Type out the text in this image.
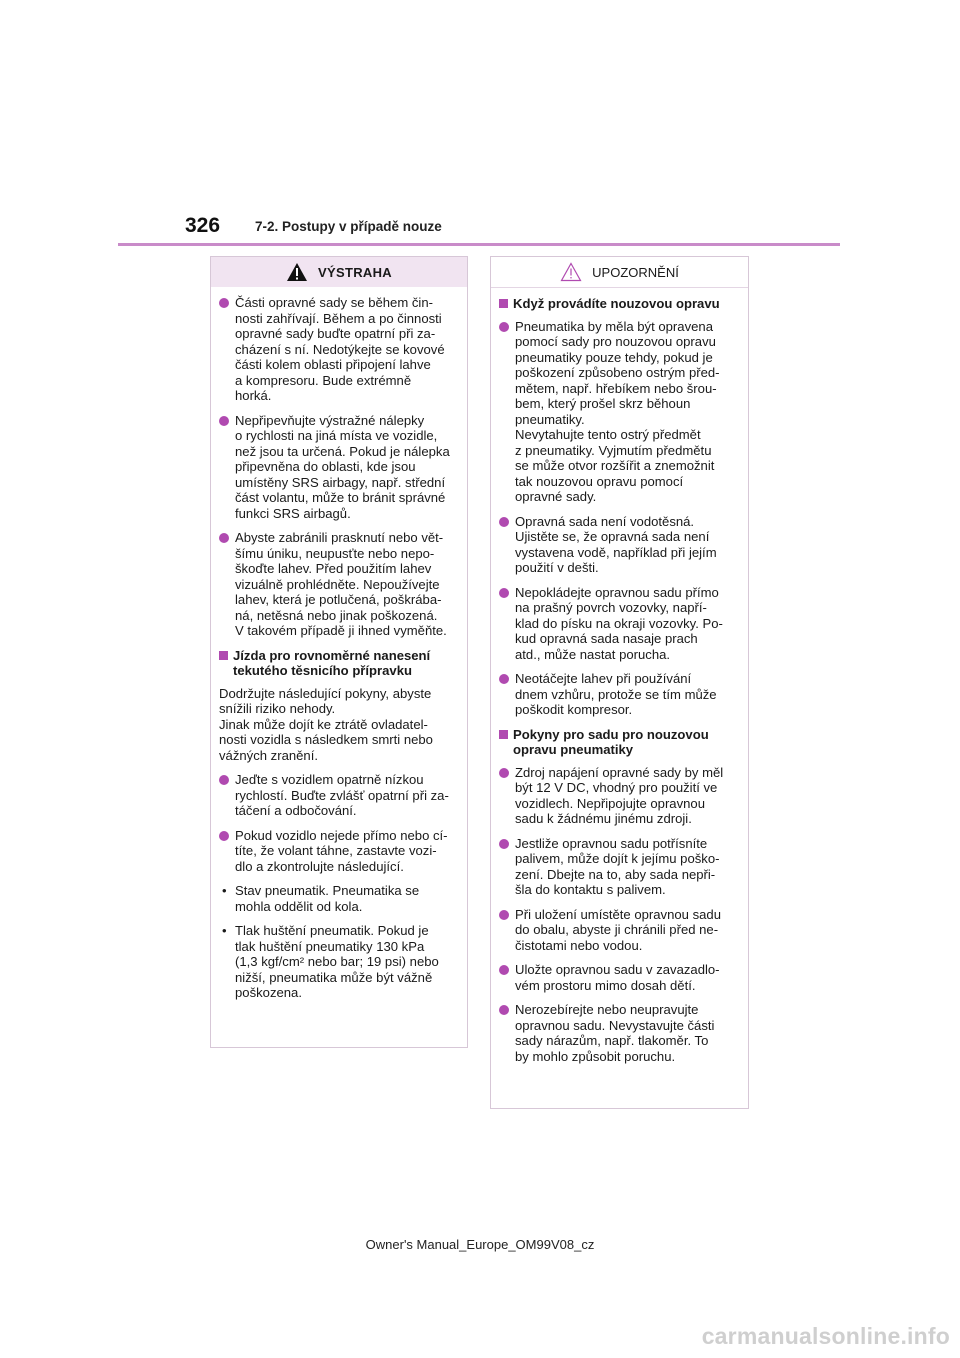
326	7-2. Postupy v případě nouze
VÝSTRAHA
Části opravné sady se během čin-
nosti zahřívají. Během a po činnosti
opravné sady buďte opatrní při za-
cházení s ní. Nedotýkejte se kovové
části kolem oblasti připojení lahve
a kompresoru. Bude extrémně
horká.
Nepřipevňujte výstražné nálepky
o rychlosti na jiná místa ve vozidle,
než jsou ta určená. Pokud je nálepka
připevněna do oblasti, kde jsou
umístěny SRS airbagy, např. střední
část volantu, může to bránit správné
funkci SRS airbagů.
Abyste zabránili prasknutí nebo vět-
šímu úniku, neupusťte nebo nepo-
škoďte lahev. Před použitím lahev
vizuálně prohlédněte. Nepoužívejte
lahev, která je potlučená, poškrába-
ná, netěsná nebo jinak poškozená.
V takovém případě ji ihned vyměňte.
Jízda pro rovnoměrné nanesení
tekutého těsnicího přípravku
Dodržujte následující pokyny, abyste
snížili riziko nehody.
Jinak může dojít ke ztrátě ovladatel-
nosti vozidla s následkem smrti nebo
vážných zranění.
Jeďte s vozidlem opatrně nízkou
rychlostí. Buďte zvlášť opatrní při za-
táčení a odbočování.
Pokud vozidlo nejede přímo nebo cí-
títe, že volant táhne, zastavte vozi-
dlo a zkontrolujte následující.
• Stav pneumatik. Pneumatika se
mohla oddělit od kola.
• Tlak huštění pneumatik. Pokud je
tlak huštění pneumatiky 130 kPa
(1,3 kgf/cm² nebo bar; 19 psi) nebo
nižší, pneumatika může být vážně
poškozena.
UPOZORNĚNÍ
Když provádíte nouzovou opravu
Pneumatika by měla být opravena
pomocí sady pro nouzovou opravu
pneumatiky pouze tehdy, pokud je
poškození způsobeno ostrým před-
mětem, např. hřebíkem nebo šrou-
bem, který prošel skrz běhoun
pneumatiky.
Nevytahujte tento ostrý předmět
z pneumatiky. Vyjmutím předmětu
se může otvor rozšířit a znemožnit
tak nouzovou opravu pomocí
opravné sady.
Opravná sada není vodotěsná.
Ujistěte se, že opravná sada není
vystavena vodě, například při jejím
použití v dešti.
Nepokládejte opravnou sadu přímo
na prašný povrch vozovky, napří-
klad do písku na okraji vozovky. Po-
kud opravná sada nasaje prach
atd., může nastat porucha.
Neotáčejte lahev při používání
dnem vzhůru, protože se tím může
poškodit kompresor.
Pokyny pro sadu pro nouzovou
opravu pneumatiky
Zdroj napájení opravné sady by měl
být 12 V DC, vhodný pro použití ve
vozidlech. Nepřipojujte opravnou
sadu k žádnému jinému zdroji.
Jestliže opravnou sadu potřísníte
palivem, může dojít k jejímu poško-
zení. Dbejte na to, aby sada nepři-
šla do kontaktu s palivem.
Při uložení umístěte opravnou sadu
do obalu, abyste ji chránili před ne-
čistotami nebo vodou.
Uložte opravnou sadu v zavazadlo-
vém prostoru mimo dosah dětí.
Nerozebírejte nebo neupravujte
opravnou sadu. Nevystavujte části
sady nárazům, např. tlakoměr. To
by mohlo způsobit poruchu.
Owner's Manual_Europe_OM99V08_cz
carmanualsonline.info
